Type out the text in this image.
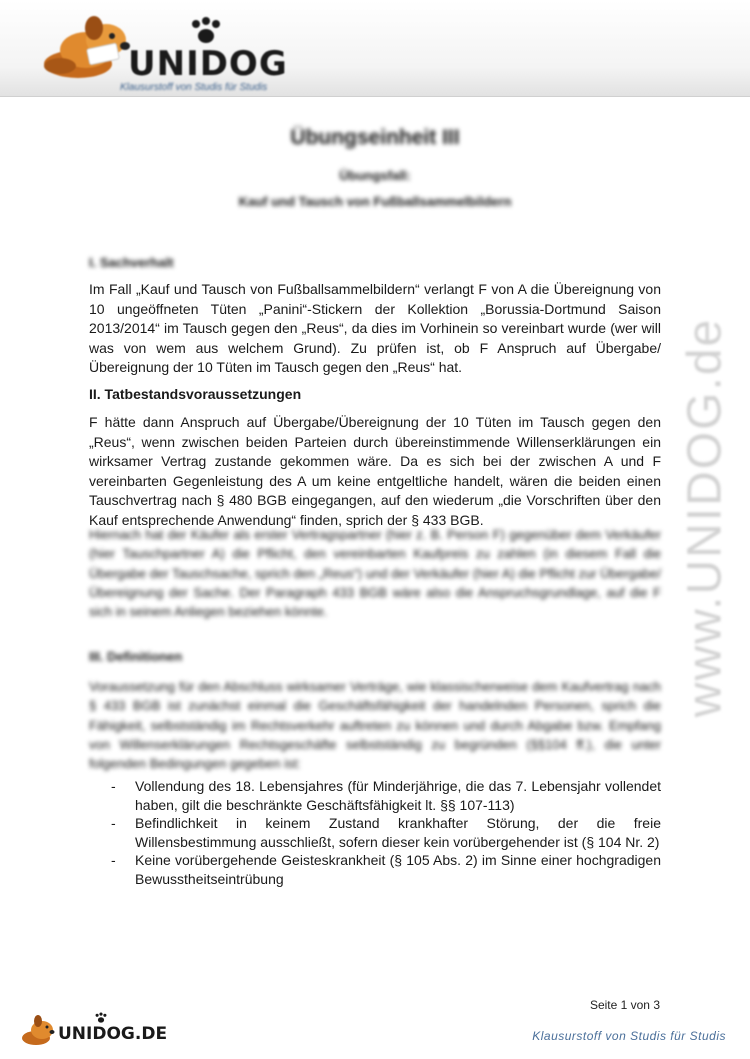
UNIDOG
Klausurstoff von Studis für Studis
www.UNIDOG.de
Übungseinheit III
Übungsfall:
Kauf und Tausch von Fußballsammelbildern
I. Sachverhalt
Im Fall „Kauf und Tausch von Fußballsammelbildern“ verlangt F von A die Übereignung von 10 ungeöffneten Tüten „Panini“-Stickern der Kollektion „Borussia-Dortmund Saison 2013/2014“ im Tausch gegen den „Reus“, da dies im Vorhinein so vereinbart wurde (wer will was von wem aus welchem Grund). Zu prüfen ist, ob F Anspruch auf Übergabe/Übereignung der 10 Tüten im Tausch gegen den „Reus“ hat.
II. Tatbestandsvoraussetzungen
F hätte dann Anspruch auf Übergabe/Übereignung der 10 Tüten im Tausch gegen den „Reus“, wenn zwischen beiden Parteien durch übereinstimmende Willenserklärungen ein wirksamer Vertrag zustande gekommen wäre. Da es sich bei der zwischen A und F vereinbarten Gegenleistung des A um keine entgeltliche handelt, wären die beiden einen Tauschvertrag nach § 480 BGB eingegangen, auf den wiederum „die Vorschriften über den Kauf entsprechende Anwendung“ finden, sprich der § 433 BGB.
Hiernach hat der Käufer als erster Vertragspartner (hier z. B. Person F) gegenüber dem Verkäufer (hier Tauschpartner A) die Pflicht, den vereinbarten Kaufpreis zu zahlen (in diesem Fall die Übergabe der Tauschsache, sprich den „Reus“) und der Verkäufer (hier A) die Pflicht zur Übergabe/Übereignung der Sache. Der Paragraph 433 BGB wäre also die Anspruchsgrundlage, auf die F sich in seinem Anliegen beziehen könnte.
III. Definitionen
Voraussetzung für den Abschluss wirksamer Verträge, wie klassischerweise dem Kaufvertrag nach § 433 BGB ist zunächst einmal die Geschäftsfähigkeit der handelnden Personen, sprich die Fähigkeit, selbstständig im Rechtsverkehr auftreten zu können und durch Abgabe bzw. Empfang von Willenserklärungen Rechtsgeschäfte selbstständig zu begründen (§§104 ff.), die unter folgenden Bedingungen gegeben ist:
- Vollendung des 18. Lebensjahres (für Minderjährige, die das 7. Lebensjahr vollendet haben, gilt die beschränkte Geschäftsfähigkeit lt. §§ 107-113)
- Befindlichkeit in keinem Zustand krankhafter Störung, der die freie Willensbestimmung ausschließt, sofern dieser kein vorübergehender ist (§ 104 Nr. 2)
- Keine vorübergehende Geisteskrankheit (§ 105 Abs. 2) im Sinne einer hochgradigen Bewusstheitseintrübung
UNIDOG.DE
Seite 1 von 3
Klausurstoff von Studis für Studis
